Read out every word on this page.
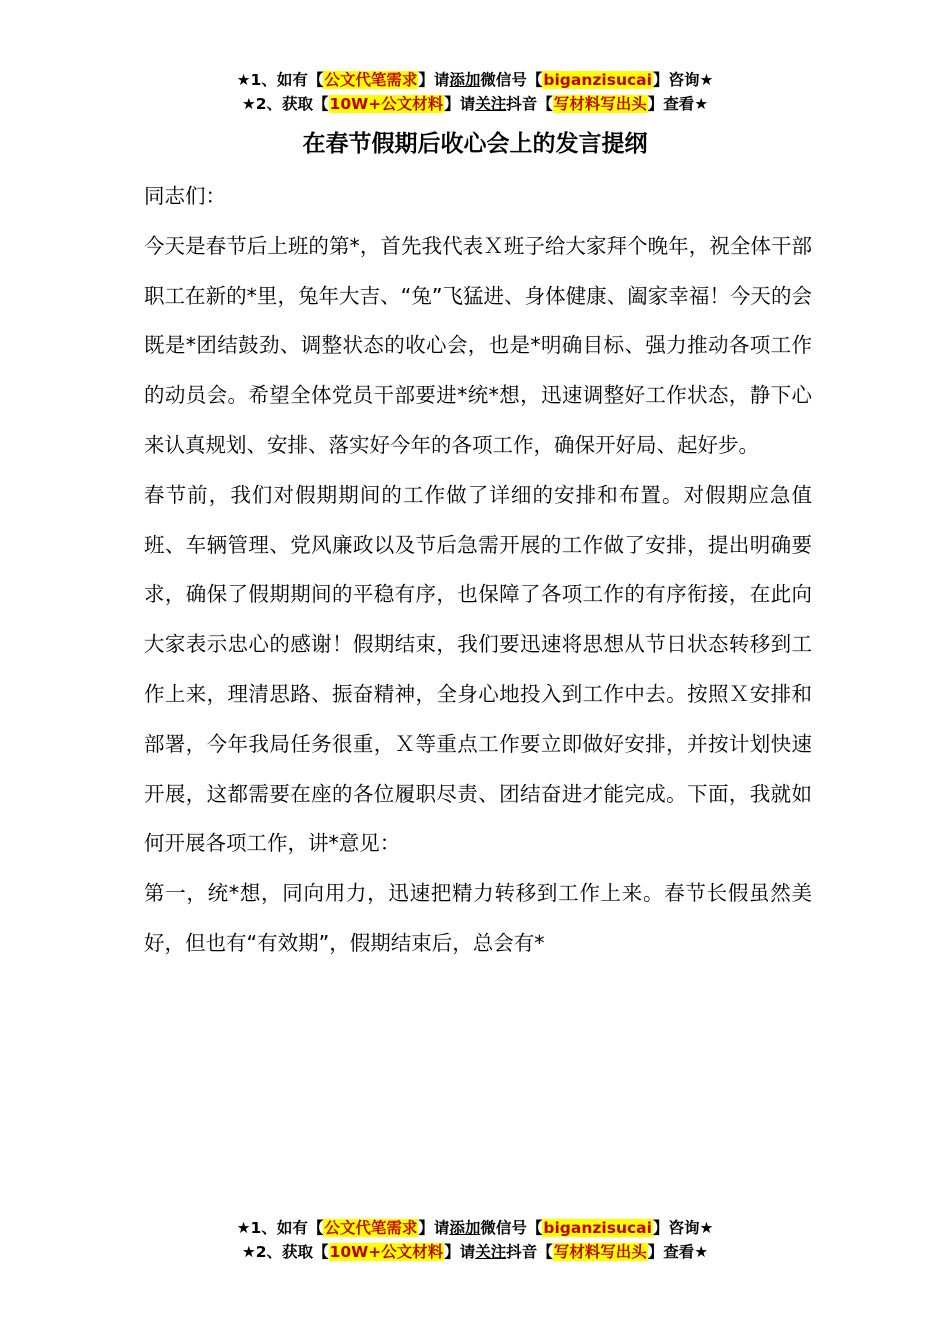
★1、如有【公文代笔需求】请添加微信号【biganzisucai】咨询★
★2、获取【10W+公文材料】请关注抖音【写材料写出头】查看★
在春节假期后收心会上的发言提纲

同志们：

今天是春节后上班的第*，首先我代表Ｘ班子给大家拜个晚年，祝全体干部职工在新的*里，兔年大吉、“兔”飞猛进、身体健康、阖家幸福！今天的会既是*团结鼓劲、调整状态的收心会，也是*明确目标、强力推动各项工作的动员会。希望全体党员干部要进*统*想，迅速调整好工作状态，静下心来认真规划、安排、落实好今年的各项工作，确保开好局、起好步。

春节前，我们对假期期间的工作做了详细的安排和布置。对假期应急值班、车辆管理、党风廉政以及节后急需开展的工作做了安排，提出明确要求，确保了假期期间的平稳有序，也保障了各项工作的有序衔接，在此向大家表示忠心的感谢！假期结束，我们要迅速将思想从节日状态转移到工作上来，理清思路、振奋精神，全身心地投入到工作中去。按照Ｘ安排和部署，今年我局任务很重，Ｘ等重点工作要立即做好安排，并按计划快速开展，这都需要在座的各位履职尽责、团结奋进才能完成。下面，我就如何开展各项工作，讲*意见：

第一，统*想，同向用力，迅速把精力转移到工作上来。春节长假虽然美好，但也有“有效期”，假期结束后，总会有*

★1、如有【公文代笔需求】请添加微信号【biganzisucai】咨询★
★2、获取【10W+公文材料】请关注抖音【写材料写出头】查看★
